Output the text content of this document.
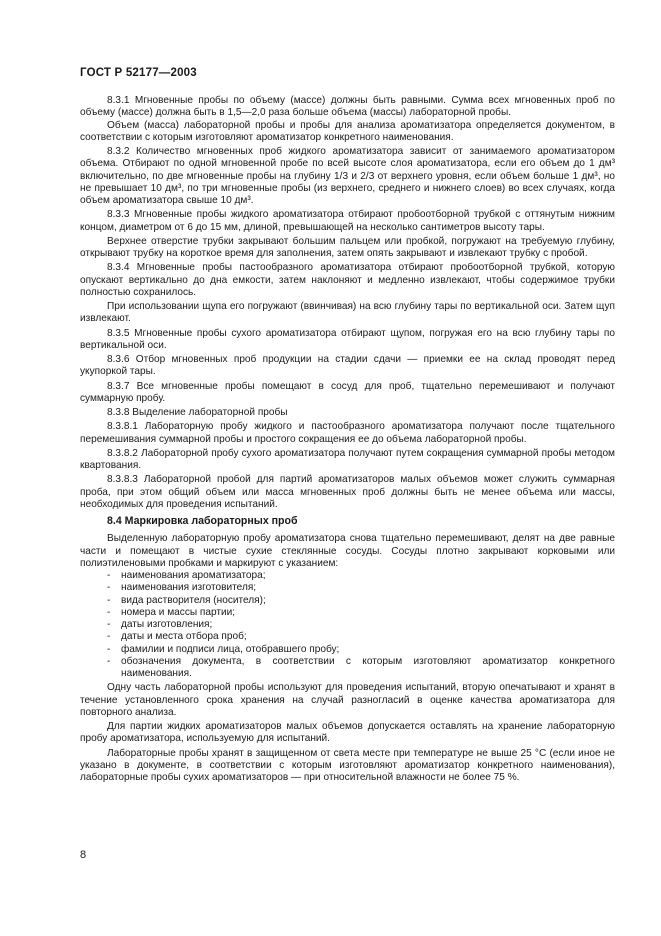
ГОСТ Р 52177—2003

8.3.1 Мгновенные пробы по объему (массе) должны быть равными. Сумма всех мгновенных проб по объему (массе) должна быть в 1,5—2,0 раза больше объема (массы) лабораторной пробы.

Объем (масса) лабораторной пробы и пробы для анализа ароматизатора определяется документом, в соответствии с которым изготовляют ароматизатор конкретного наименования.

8.3.2 Количество мгновенных проб жидкого ароматизатора зависит от занимаемого ароматизатором объема. Отбирают по одной мгновенной пробе по всей высоте слоя ароматизатора, если его объем до 1 дм³ включительно, по две мгновенные пробы на глубину 1/3 и 2/3 от верхнего уровня, если объем больше 1 дм³, но не превышает 10 дм³, по три мгновенные пробы (из верхнего, среднего и нижнего слоев) во всех случаях, когда объем ароматизатора свыше 10 дм³.

8.3.3 Мгновенные пробы жидкого ароматизатора отбирают пробоотборной трубкой с оттянутым нижним концом, диаметром от 6 до 15 мм, длиной, превышающей на несколько сантиметров высоту тары.

Верхнее отверстие трубки закрывают большим пальцем или пробкой, погружают на требуемую глубину, открывают трубку на короткое время для заполнения, затем опять закрывают и извлекают трубку с пробой.

8.3.4 Мгновенные пробы пастообразного ароматизатора отбирают пробоотборной трубкой, которую опускают вертикально до дна емкости, затем наклоняют и медленно извлекают, чтобы содержимое трубки полностью сохранилось.

При использовании щупа его погружают (ввинчивая) на всю глубину тары по вертикальной оси. Затем щуп извлекают.

8.3.5 Мгновенные пробы сухого ароматизатора отбирают щупом, погружая его на всю глубину тары по вертикальной оси.

8.3.6 Отбор мгновенных проб продукции на стадии сдачи — приемки ее на склад проводят перед укупоркой тары.

8.3.7 Все мгновенные пробы помещают в сосуд для проб, тщательно перемешивают и получают суммарную пробу.

8.3.8 Выделение лабораторной пробы

8.3.8.1 Лабораторную пробу жидкого и пастообразного ароматизатора получают после тщательного перемешивания суммарной пробы и простого сокращения ее до объема лабораторной пробы.

8.3.8.2 Лабораторной пробу сухого ароматизатора получают путем сокращения суммарной пробы методом квартования.

8.3.8.3 Лабораторной пробой для партий ароматизаторов малых объемов может служить суммарная проба, при этом общий объем или масса мгновенных проб должны быть не менее объема или массы, необходимых для проведения испытаний.

8.4 Маркировка лабораторных проб

Выделенную лабораторную пробу ароматизатора снова тщательно перемешивают, делят на две равные части и помещают в чистые сухие стеклянные сосуды. Сосуды плотно закрывают корковыми или полиэтиленовыми пробками и маркируют с указанием:

- наименования ароматизатора;
- наименования изготовителя;
- вида растворителя (носителя);
- номера и массы партии;
- даты изготовления;
- даты и места отбора проб;
- фамилии и подписи лица, отобравшего пробу;
- обозначения документа, в соответствии с которым изготовляют ароматизатор конкретного наименования.

Одну часть лабораторной пробы используют для проведения испытаний, вторую опечатывают и хранят в течение установленного срока хранения на случай разногласий в оценке качества ароматизатора для повторного анализа.

Для партии жидких ароматизаторов малых объемов допускается оставлять на хранение лабораторную пробу ароматизатора, используемую для испытаний.

Лабораторные пробы хранят в защищенном от света месте при температуре не выше 25 °С (если иное не указано в документе, в соответствии с которым изготовляют ароматизатор конкретного наименования), лабораторные пробы сухих ароматизаторов — при относительной влажности не более 75 %.

8
